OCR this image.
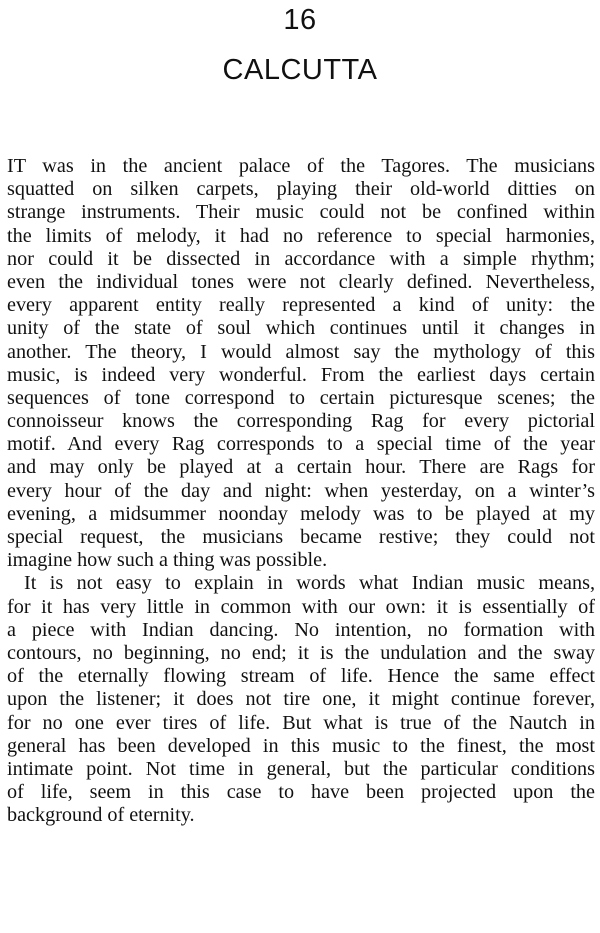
16
CALCUTTA
IT was in the ancient palace of the Tagores. The musicians
squatted on silken carpets, playing their old-world ditties on
strange instruments. Their music could not be confined within
the limits of melody, it had no reference to special harmonies,
nor could it be dissected in accordance with a simple rhythm;
even the individual tones were not clearly defined. Nevertheless,
every apparent entity really represented a kind of unity: the
unity of the state of soul which continues until it changes in
another. The theory, I would almost say the mythology of this
music, is indeed very wonderful. From the earliest days certain
sequences of tone correspond to certain picturesque scenes; the
connoisseur knows the corresponding Rag for every pictorial
motif. And every Rag corresponds to a special time of the year
and may only be played at a certain hour. There are Rags for
every hour of the day and night: when yesterday, on a winter’s
evening, a midsummer noonday melody was to be played at my
special request, the musicians became restive; they could not
imagine how such a thing was possible.
It is not easy to explain in words what Indian music means,
for it has very little in common with our own: it is essentially of
a piece with Indian dancing. No intention, no formation with
contours, no beginning, no end; it is the undulation and the sway
of the eternally flowing stream of life. Hence the same effect
upon the listener; it does not tire one, it might continue forever,
for no one ever tires of life. But what is true of the Nautch in
general has been developed in this music to the finest, the most
intimate point. Not time in general, but the particular conditions
of life, seem in this case to have been projected upon the
background of eternity.
